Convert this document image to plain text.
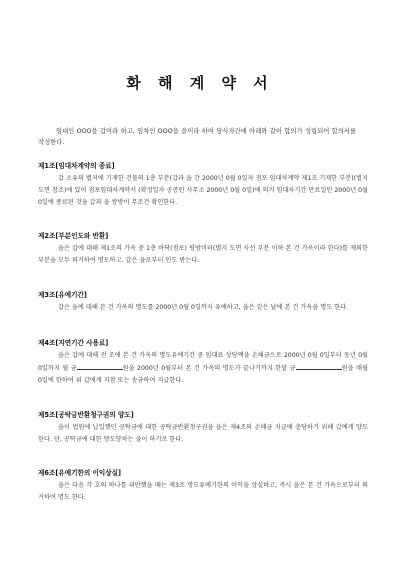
화 해 계 약 서

임대인 OOO을 갑이라 하고, 임차인 OOO을 을이라 하여 당사자간에 아래와 같이 합의가 성립되어 합의서를 작성한다.

제1조[임대차계약의 종료]

갑 소유의 별지에 기재한 건물의 1층 부분(갑과 을 간 2000년 0월 0일자 점포 임대차계약 제1조 기재한 부분)(별지 도면 참조)에 있어 점포임대차계약서 (확정일자 공증인 사무소 2000년 0월 0일)에 의거 임대차기간 만료일인 2000년 0월 0일에 종료된 것을 갑과 을 쌍방이 무조건 확인한다.

제2조[부분인도와 반환]

을은 갑에 대해 제1조의 가옥 중 1층 바닥(점포) 평방미터(별지 도면 사선 부분 이하 본 건 가옥이라 한다)를 제외한 부분을 모두 퇴거하여 명도하고, 갑은 을로부터 인도 받는다.

제3조[유예기간]

갑은 을에 대해 본 건 가옥의 명도를 2000년 0월 0일까지 유예하고, 을은 같은 날에 본 건 가옥을 명도 한다.

제4조[지연기간 사용료]

을은 갑에 대해 전 조에 본 건 가옥의 명도유예기간 중 임대료 상당액을 손해금으로 2000년 0월 0일부터 동년 0월 0일까지 월 금	원을 2000년 0월부터 본 건 가옥의 명도가 끝나기까지 한달 금	원을 매월 0일에 한하여 위 갑에게 지참 또는 송금하여 지급한다.

제5조[공탁금반환청구권의 양도]

을이 법원에 납입했던 공탁금에 대한 공탁금반환청구권을 을은 제4조의 손해금 지급에 충당하기 위해 갑에게 양도한다. 단, 공탁금에 대한 양도양차는 을이 하기로 한다.

제6조[유예기한의 이익상실]

을은 다음 각 호의 하나를 위반했을 때는 제3조 명도유예기한의 이익을 상실하고, 즉시 을은 본 건 가옥으로부터 퇴거하여 명도 한다.
